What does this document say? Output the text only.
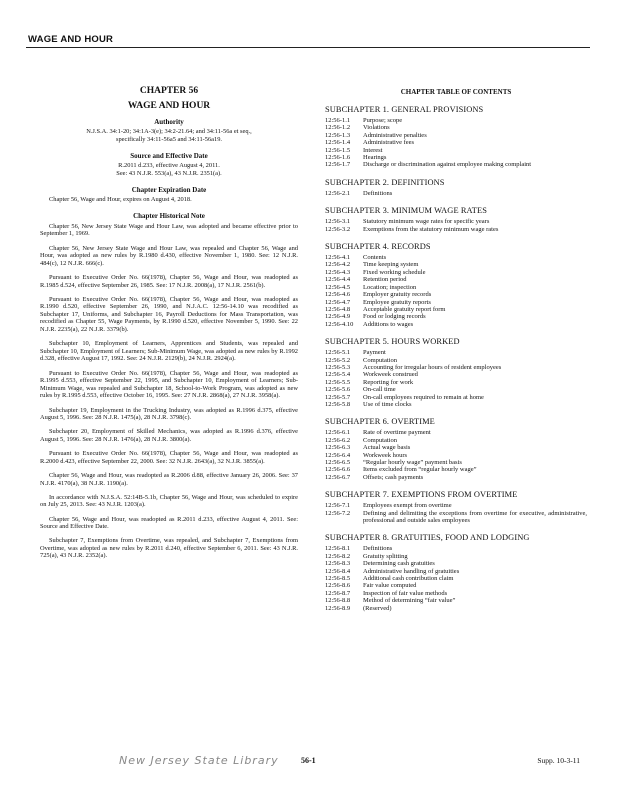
WAGE AND HOUR
CHAPTER 56
WAGE AND HOUR
Authority
N.J.S.A. 34:1-20; 34:1A-3(e); 34:2-21.64; and 34:11-56a et seq.,
specifically 34:11-56a5 and 34:11-56a19.
Source and Effective Date
R.2011 d.233, effective August 4, 2011.
See: 43 N.J.R. 553(a), 43 N.J.R. 2351(a).
Chapter Expiration Date
Chapter 56, Wage and Hour, expires on August 4, 2018.
Chapter Historical Note

Chapter 56, New Jersey State Wage and Hour Law, was adopted and became effective prior to September 1, 1969.

Chapter 56, New Jersey State Wage and Hour Law, was repealed and Chapter 56, Wage and Hour, was adopted as new rules by R.1980 d.430, effective November 1, 1980. See: 12 N.J.R. 484(c), 12 N.J.R. 666(c).

Pursuant to Executive Order No. 66(1978), Chapter 56, Wage and Hour, was readopted as R.1985 d.524, effective September 26, 1985. See: 17 N.J.R. 2008(a), 17 N.J.R. 2561(b).

Pursuant to Executive Order No. 66(1978), Chapter 56, Wage and Hour, was readopted as R.1990 d.520, effective September 26, 1990, and N.J.A.C. 12:56-14.10 was recodified as Subchapter 17, Uniforms, and Subchapter 16, Payroll Deductions for Mass Transportation, was recodified as Chapter 55, Wage Payments, by R.1990 d.520, effective November 5, 1990. See: 22 N.J.R. 2235(a), 22 N.J.R. 3379(b).

Subchapter 10, Employment of Learners, Apprentices and Students, was repealed and Subchapter 10, Employment of Learners; Sub-Minimum Wage, was adopted as new rules by R.1992 d.328, effective August 17, 1992. See: 24 N.J.R. 2129(b), 24 N.J.R. 2924(a).

Pursuant to Executive Order No. 66(1978), Chapter 56, Wage and Hour, was readopted as R.1995 d.553, effective September 22, 1995, and Subchapter 10, Employment of Learners; Sub-Minimum Wage, was repealed and Subchapter 18, School-to-Work Program, was adopted as new rules by R.1995 d.553, effective October 16, 1995. See: 27 N.J.R. 2868(a), 27 N.J.R. 3958(a).

Subchapter 19, Employment in the Trucking Industry, was adopted as R.1996 d.375, effective August 5, 1996. See: 28 N.J.R. 1475(a), 28 N.J.R. 3798(c).

Subchapter 20, Employment of Skilled Mechanics, was adopted as R.1996 d.376, effective August 5, 1996. See: 28 N.J.R. 1476(a), 28 N.J.R. 3800(a).

Pursuant to Executive Order No. 66(1978), Chapter 56, Wage and Hour, was readopted as R.2000 d.423, effective September 22, 2000. See: 32 N.J.R. 2643(a), 32 N.J.R. 3855(a).

Chapter 56, Wage and Hour, was readopted as R.2006 d.88, effective January 26, 2006. See: 37 N.J.R. 4170(a), 38 N.J.R. 1190(a).

In accordance with N.J.S.A. 52:14B-5.1b, Chapter 56, Wage and Hour, was scheduled to expire on July 25, 2013. See: 43 N.J.R. 1203(a).

Chapter 56, Wage and Hour, was readopted as R.2011 d.233, effective August 4, 2011. See: Source and Effective Date.

Subchapter 7, Exemptions from Overtime, was repealed, and Subchapter 7, Exemptions from Overtime, was adopted as new rules by R.2011 d.240, effective September 6, 2011. See: 43 N.J.R. 725(a), 43 N.J.R. 2352(a).

CHAPTER TABLE OF CONTENTS
SUBCHAPTER 1. GENERAL PROVISIONS
12:56-1.1	Purpose; scope
12:56-1.2	Violations
12:56-1.3	Administrative penalties
12:56-1.4	Administrative fees
12:56-1.5	Interest
12:56-1.6	Hearings
12:56-1.7	Discharge or discrimination against employee making complaint
SUBCHAPTER 2. DEFINITIONS
12:56-2.1	Definitions
SUBCHAPTER 3. MINIMUM WAGE RATES
12:56-3.1	Statutory minimum wage rates for specific years
12:56-3.2	Exemptions from the statutory minimum wage rates
SUBCHAPTER 4. RECORDS
12:56-4.1	Contents
12:56-4.2	Time keeping system
12:56-4.3	Fixed working schedule
12:56-4.4	Retention period
12:56-4.5	Location; inspection
12:56-4.6	Employer gratuity records
12:56-4.7	Employee gratuity reports
12:56-4.8	Acceptable gratuity report form
12:56-4.9	Food or lodging records
12:56-4.10	Additions to wages
SUBCHAPTER 5. HOURS WORKED
12:56-5.1	Payment
12:56-5.2	Computation
12:56-5.3	Accounting for irregular hours of resident employees
12:56-5.4	Workweek construed
12:56-5.5	Reporting for work
12:56-5.6	On-call time
12:56-5.7	On-call employees required to remain at home
12:56-5.8	Use of time clocks
SUBCHAPTER 6. OVERTIME
12:56-6.1	Rate of overtime payment
12:56-6.2	Computation
12:56-6.3	Actual wage basis
12:56-6.4	Workweek hours
12:56-6.5	“Regular hourly wage” payment basis
12:56-6.6	Items excluded from “regular hourly wage”
12:56-6.7	Offsets; cash payments
SUBCHAPTER 7. EXEMPTIONS FROM OVERTIME
12:56-7.1	Employees exempt from overtime
12:56-7.2	Defining and delimiting the exceptions from overtime for executive, administrative, professional and outside sales employees
SUBCHAPTER 8. GRATUITIES, FOOD AND LODGING
12:56-8.1	Definitions
12:56-8.2	Gratuity splitting
12:56-8.3	Determining cash gratuities
12:56-8.4	Administrative handling of gratuities
12:56-8.5	Additional cash contribution claim
12:56-8.6	Fair value computed
12:56-8.7	Inspection of fair value methods
12:56-8.8	Method of determining “fair value”
12:56-8.9	(Reserved)
New Jersey State Library	56-1	Supp. 10-3-11
